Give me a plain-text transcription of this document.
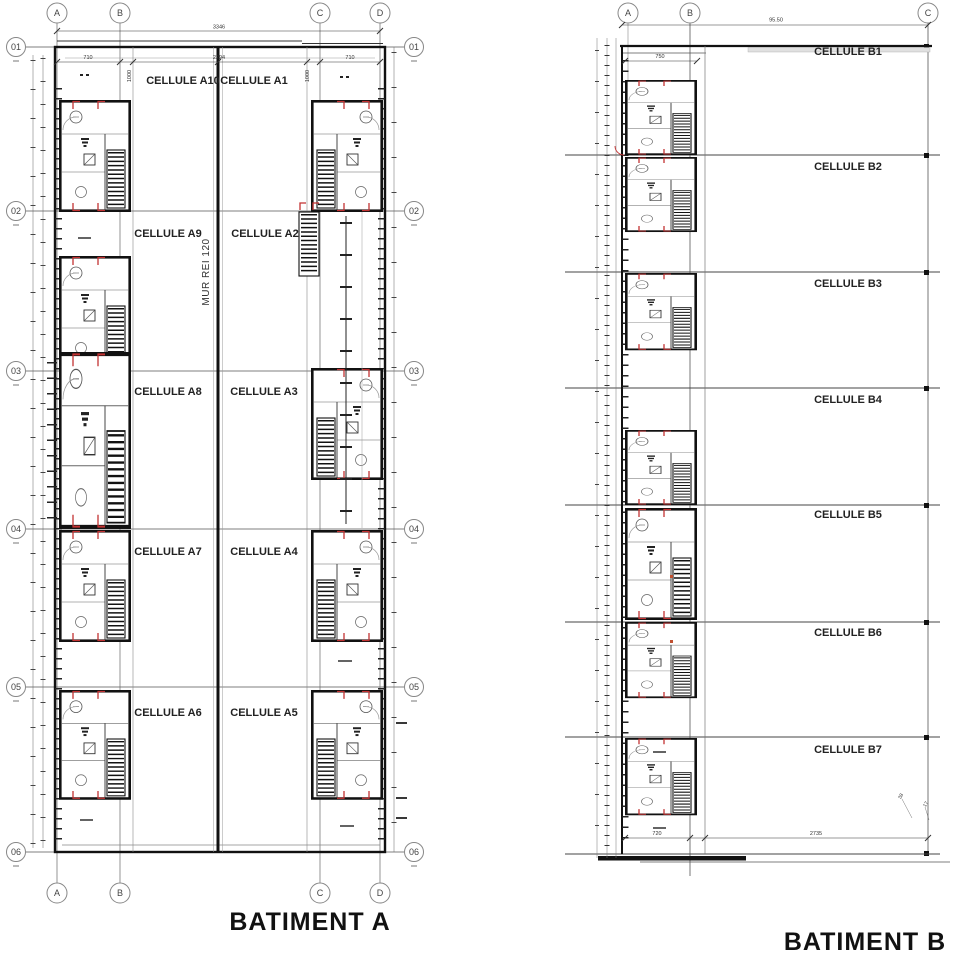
01
02
03
04
05
06
01
02
03
04
05
06
A	B	C	D
A	B	C	D
3346
710	2294	710
1000	1000
CELLULE A10 CELLULE A1
CELLULE A9	CELLULE A2
CELLULE A8	CELLULE A3
CELLULE A7	CELLULE A4
CELLULE A6	CELLULE A5
MUR REI 120
BATIMENT A
A	B	C
95.50
750
720	2735
38
17
CELLULE B1
CELLULE B2
CELLULE B3
CELLULE B4
CELLULE B5
CELLULE B6
CELLULE B7
BATIMENT B
